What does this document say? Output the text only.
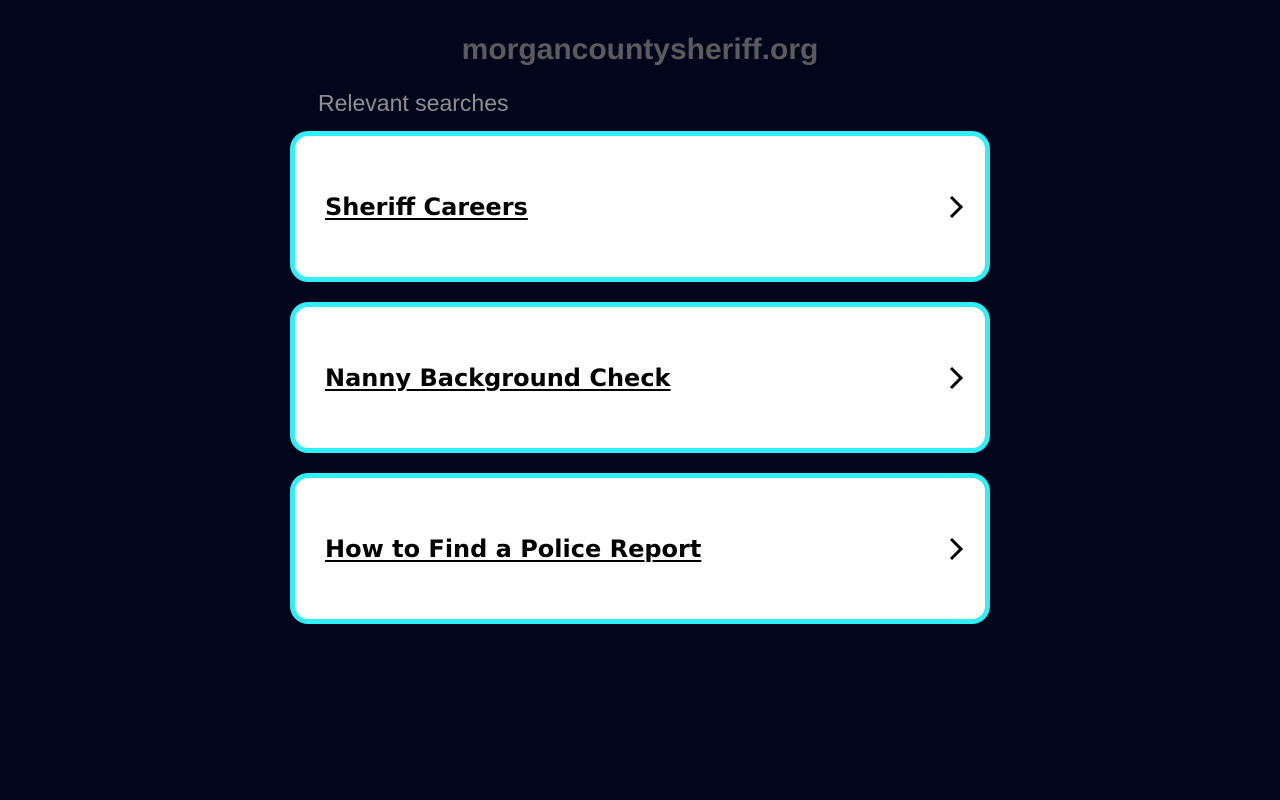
morgancountysheriff.org
Relevant searches
Sheriff Careers
Nanny Background Check
How to Find a Police Report
